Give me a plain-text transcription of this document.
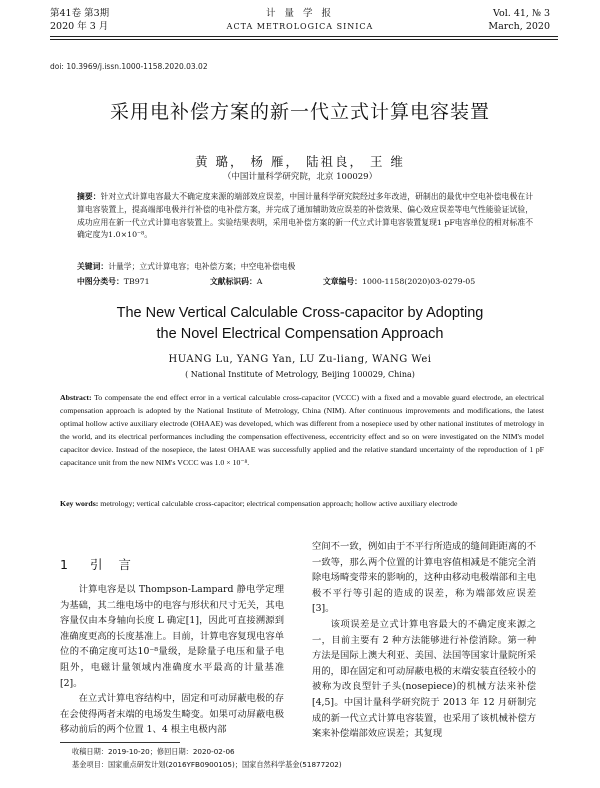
第41卷 第3期
2020 年 3 月
计 量 学 报
ACTA METROLOGICA SINICA
Vol. 41, № 3
March, 2020
doi: 10.3969/j.issn.1000-1158.2020.03.02
采用电补偿方案的新一代立式计算电容装置
黄 璐， 杨 雁， 陆祖良， 王 维
（中国计量科学研究院，北京 100029）
摘要：针对立式计算电容最大不确定度来源的端部效应误差，中国计量科学研究院经过多年改进，研制出的最优中空电补偿电极在计算电容装置上，提高端部电极并行补偿的电补偿方案，并完成了通加辅助效应误差的补偿效果、偏心效应误差等电气性能验证试验，成功应用在新一代立式计算电容装置上。实验结果表明，采用电补偿方案的新一代立式计算电容装置复现1 pF电容单位的相对标准不确定度为1.0×10⁻⁸。
关键词：计量学；立式计算电容；电补偿方案；中空电补偿电极
中图分类号：TB971	文献标识码：A	文章编号：1000-1158(2020)03-0279-05
The New Vertical Calculable Cross-capacitor by Adopting
the Novel Electrical Compensation Approach
HUANG Lu, YANG Yan, LU Zu-liang, WANG Wei
( National Institute of Metrology, Beijing 100029, China)
Abstract: To compensate the end effect error in a vertical calculable cross-capacitor (VCCC) with a fixed and a movable guard electrode, an electrical compensation approach is adopted by the National Institute of Metrology, China (NIM). After continuous improvements and modifications, the latest optimal hollow active auxiliary electrode (OHAAE) was developed, which was different from a nosepiece used by other national institutes of metrology in the world, and its electrical performances including the compensation effectiveness, eccentricity effect and so on were investigated on the NIM's model capacitor device. Instead of the nosepiece, the latest OHAAE was successfully applied and the relative standard uncertainty of the reproduction of 1 pF capacitance unit from the new NIM's VCCC was 1.0 × 10⁻⁸.
Key words: metrology; vertical calculable cross-capacitor; electrical compensation approach; hollow active auxiliary electrode
1 引 言

计算电容是以 Thompson-Lampard 静电学定理为基础，其二维电场中的电容与形状和尺寸无关，其电容量仅由本身轴向长度 L 确定[1]，因此可直接溯源到准确度更高的长度基准上。目前，计算电容复现电容单位的不确定度可达10⁻⁸量级，是除量子电压和量子电阻外，电磁计量领域内准确度水平最高的计量基准[2]。

在立式计算电容结构中，固定和可动屏蔽电极的存在会使得两者末端的电场发生畸变。如果可动屏蔽电极移动前后的两个位置 1、4 根主电极内部

空间不一致，例如由于不平行所造成的缝间距距离的不一致等，那么两个位置的计算电容值相减是不能完全消除电场畸变带来的影响的，这种由移动电极端部和主电极不平行等引起的造成的误差，称为端部效应误差[3]。

该项误差是立式计算电容最大的不确定度来源之一，目前主要有 2 种方法能够进行补偿消除。第一种方法是国际上澳大利亚、美国、法国等国家计量院所采用的，即在固定和可动屏蔽电极的末端安装直径较小的被称为改良型针子头(nosepiece)的机械方法来补偿[4,5]。中国计量科学研究院于 2013 年 12 月研制完成的新一代立式计算电容装置，也采用了该机械补偿方案来补偿端部效应误差；其复现

收稿日期：2019-10-20；修回日期：2020-02-06
基金项目：国家重点研发计划(2016YFB0900105)；国家自然科学基金(51877202)
